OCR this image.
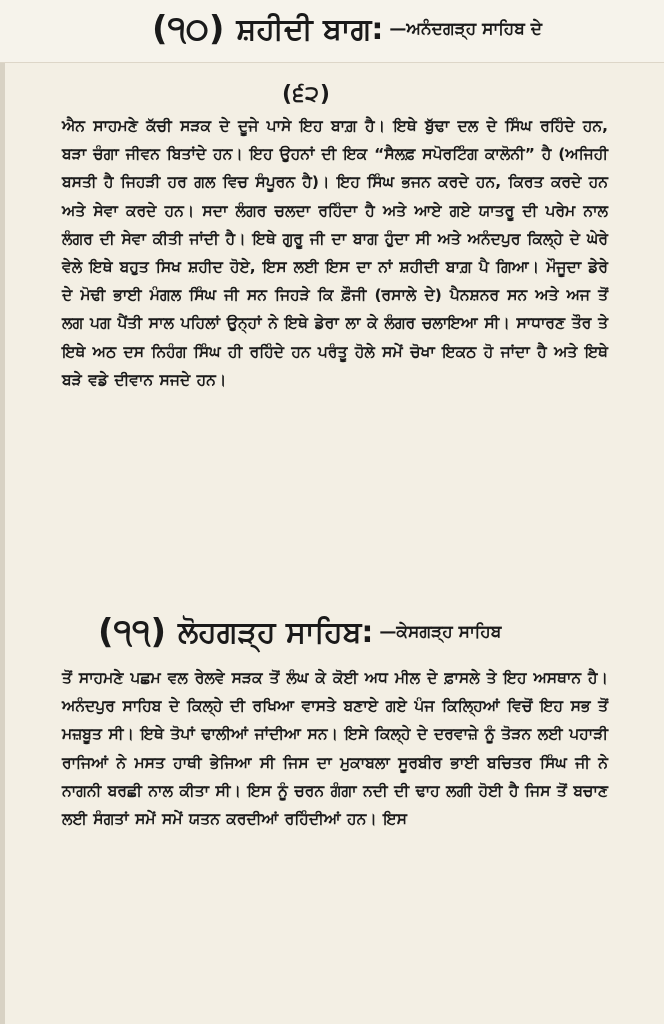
(੧੦) ਸ਼ਹੀਦੀ ਬਾਗ: —ਅਨੰਦਗੜ੍ਹ ਸਾਹਿਬ ਦੇ
(੬੨)

ਐਨ ਸਾਹਮਣੇ ਕੱਚੀ ਸੜਕ ਦੇ ਦੂਜੇ ਪਾਸੇ ਇਹ ਬਾਗ਼ ਹੈ। ਇਥੇ ਬੁੱਢਾ ਦਲ ਦੇ ਸਿੰਘ ਰਹਿੰਦੇ ਹਨ, ਬੜਾ ਚੰਗਾ ਜੀਵਨ ਬਿਤਾਂਦੇ ਹਨ। ਇਹ ਉਹਨਾਂ ਦੀ ਇਕ “ਸੈਲਫ਼ ਸਪੋਰਟਿੰਗ ਕਾਲੋਨੀ” ਹੈ (ਅਜਿਹੀ ਬਸਤੀ ਹੈ ਜਿਹੜੀ ਹਰ ਗਲ ਵਿਚ ਸੰਪੂਰਨ ਹੈ)। ਇਹ ਸਿੰਘ ਭਜਨ ਕਰਦੇ ਹਨ, ਕਿਰਤ ਕਰਦੇ ਹਨ ਅਤੇ ਸੇਵਾ ਕਰਦੇ ਹਨ। ਸਦਾ ਲੰਗਰ ਚਲਦਾ ਰਹਿੰਦਾ ਹੈ ਅਤੇ ਆਏ ਗਏ ਯਾਤਰੂ ਦੀ ਪਰੇਮ ਨਾਲ ਲੰਗਰ ਦੀ ਸੇਵਾ ਕੀਤੀ ਜਾਂਦੀ ਹੈ। ਇਥੇ ਗੁਰੂ ਜੀ ਦਾ ਬਾਗ ਹੁੰਦਾ ਸੀ ਅਤੇ ਅਨੰਦਪੁਰ ਕਿਲ੍ਹੇ ਦੇ ਘੇਰੇ ਵੇਲੇ ਇਥੇ ਬਹੁਤ ਸਿਖ ਸ਼ਹੀਦ ਹੋਏ, ਇਸ ਲਈ ਇਸ ਦਾ ਨਾਂ ਸ਼ਹੀਦੀ ਬਾਗ਼ ਪੈ ਗਿਆ। ਮੌਜੂਦਾ ਡੇਰੇ ਦੇ ਮੋਢੀ ਭਾਈ ਮੰਗਲ ਸਿੰਘ ਜੀ ਸਨ ਜਿਹੜੇ ਕਿ ਫ਼ੌਜੀ (ਰਸਾਲੇ ਦੇ) ਪੈਨਸ਼ਨਰ ਸਨ ਅਤੇ ਅਜ ਤੋਂ ਲਗ ਪਗ ਪੈਂਤੀ ਸਾਲ ਪਹਿਲਾਂ ਉਨ੍ਹਾਂ ਨੇ ਇਥੇ ਡੇਰਾ ਲਾ ਕੇ ਲੰਗਰ ਚਲਾਇਆ ਸੀ। ਸਾਧਾਰਣ ਤੌਰ ਤੇ ਇਥੇ ਅਠ ਦਸ ਨਿਹੰਗ ਸਿੰਘ ਹੀ ਰਹਿੰਦੇ ਹਨ ਪਰੰਤੂ ਹੋਲੇ ਸਮੇਂ ਚੋਖਾ ਇਕਠ ਹੋ ਜਾਂਦਾ ਹੈ ਅਤੇ ਇਥੇ ਬੜੇ ਵਡੇ ਦੀਵਾਨ ਸਜਦੇ ਹਨ।

(੧੧) ਲੋਹਗੜ੍ਹ ਸਾਹਿਬ: —ਕੇਸਗੜ੍ਹ ਸਾਹਿਬ

ਤੋਂ ਸਾਹਮਣੇ ਪਛਮ ਵਲ ਰੇਲਵੇ ਸੜਕ ਤੋਂ ਲੰਘ ਕੇ ਕੋਈ ਅਧ ਮੀਲ ਦੇ ਫ਼ਾਸਲੇ ਤੇ ਇਹ ਅਸਥਾਨ ਹੈ। ਅਨੰਦਪੁਰ ਸਾਹਿਬ ਦੇ ਕਿਲ੍ਹੇ ਦੀ ਰਖਿਆ ਵਾਸਤੇ ਬਣਾਏ ਗਏ ਪੰਜ ਕਿਲ੍ਹਿਆਂ ਵਿਚੋਂ ਇਹ ਸਭ ਤੋਂ ਮਜ਼ਬੂਤ ਸੀ। ਇਥੇ ਤੋਪਾਂ ਢਾਲੀਆਂ ਜਾਂਦੀਆ ਸਨ। ਇਸੇ ਕਿਲ੍ਹੇ ਦੇ ਦਰਵਾਜ਼ੇ ਨੂੰ ਤੋੜਨ ਲਈ ਪਹਾੜੀ ਰਾਜਿਆਂ ਨੇ ਮਸਤ ਹਾਥੀ ਭੇਜਿਆ ਸੀ ਜਿਸ ਦਾ ਮੁਕਾਬਲਾ ਸੂਰਬੀਰ ਭਾਈ ਬਚਿਤਰ ਸਿੰਘ ਜੀ ਨੇ ਨਾਗਨੀ ਬਰਛੀ ਨਾਲ ਕੀਤਾ ਸੀ। ਇਸ ਨੂੰ ਚਰਨ ਗੰਗਾ ਨਦੀ ਦੀ ਢਾਹ ਲਗੀ ਹੋਈ ਹੈ ਜਿਸ ਤੋਂ ਬਚਾਣ ਲਈ ਸੰਗਤਾਂ ਸਮੇਂ ਸਮੇਂ ਯਤਨ ਕਰਦੀਆਂ ਰਹਿੰਦੀਆਂ ਹਨ। ਇਸ
